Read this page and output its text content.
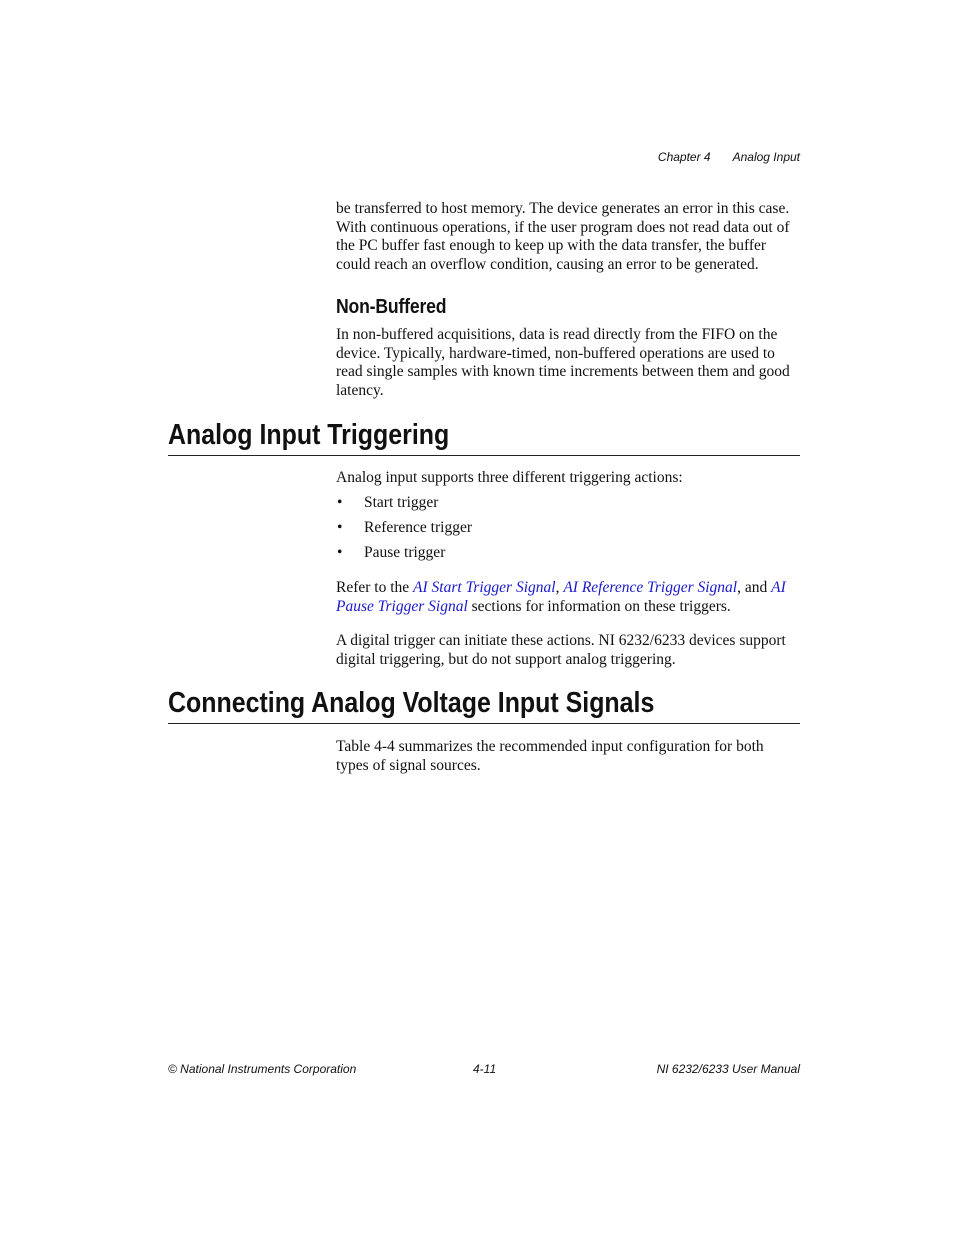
Chapter 4 Analog Input
be transferred to host memory. The device generates an error in this case. With continuous operations, if the user program does not read data out of the PC buffer fast enough to keep up with the data transfer, the buffer could reach an overflow condition, causing an error to be generated.
Non-Buffered
In non-buffered acquisitions, data is read directly from the FIFO on the device. Typically, hardware-timed, non-buffered operations are used to read single samples with known time increments between them and good latency.
Analog Input Triggering
Analog input supports three different triggering actions:
• Start trigger
• Reference trigger
• Pause trigger
Refer to the AI Start Trigger Signal, AI Reference Trigger Signal, and AI Pause Trigger Signal sections for information on these triggers.
A digital trigger can initiate these actions. NI 6232/6233 devices support digital triggering, but do not support analog triggering.
Connecting Analog Voltage Input Signals
Table 4-4 summarizes the recommended input configuration for both types of signal sources.
© National Instruments Corporation	4-11	NI 6232/6233 User Manual
